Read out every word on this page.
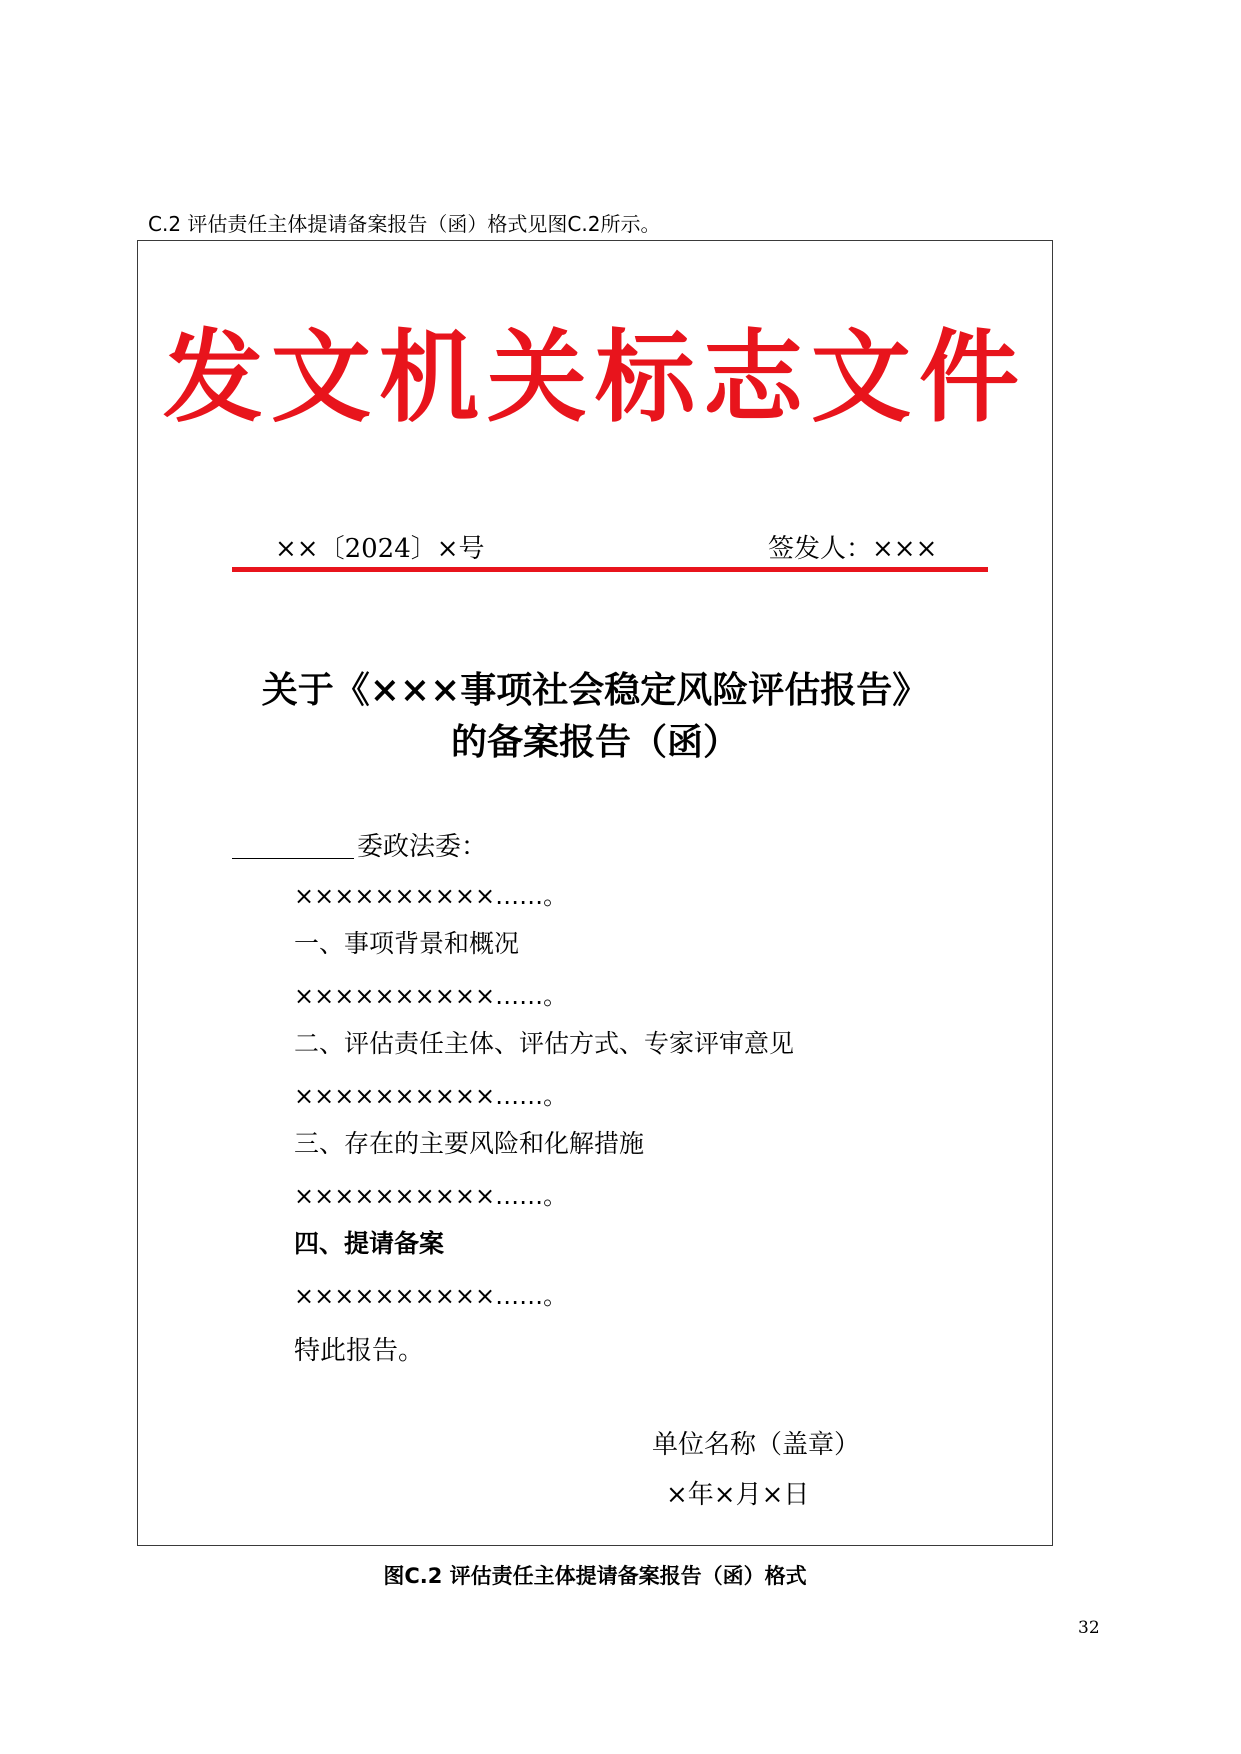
C.2 评估责任主体提请备案报告（函）格式见图C.2所示。
发文机关标志文件
××〔2024〕×号	签发人：×××
关于《×××事项社会稳定风险评估报告》
的备案报告（函）
委政法委：
××××××××××……。
一、事项背景和概况
××××××××××……。
二、评估责任主体、评估方式、专家评审意见
××××××××××……。
三、存在的主要风险和化解措施
××××××××××……。
四、提请备案
××××××××××……。
特此报告。
单位名称（盖章）
×年×月×日
图C.2 评估责任主体提请备案报告（函）格式
32
